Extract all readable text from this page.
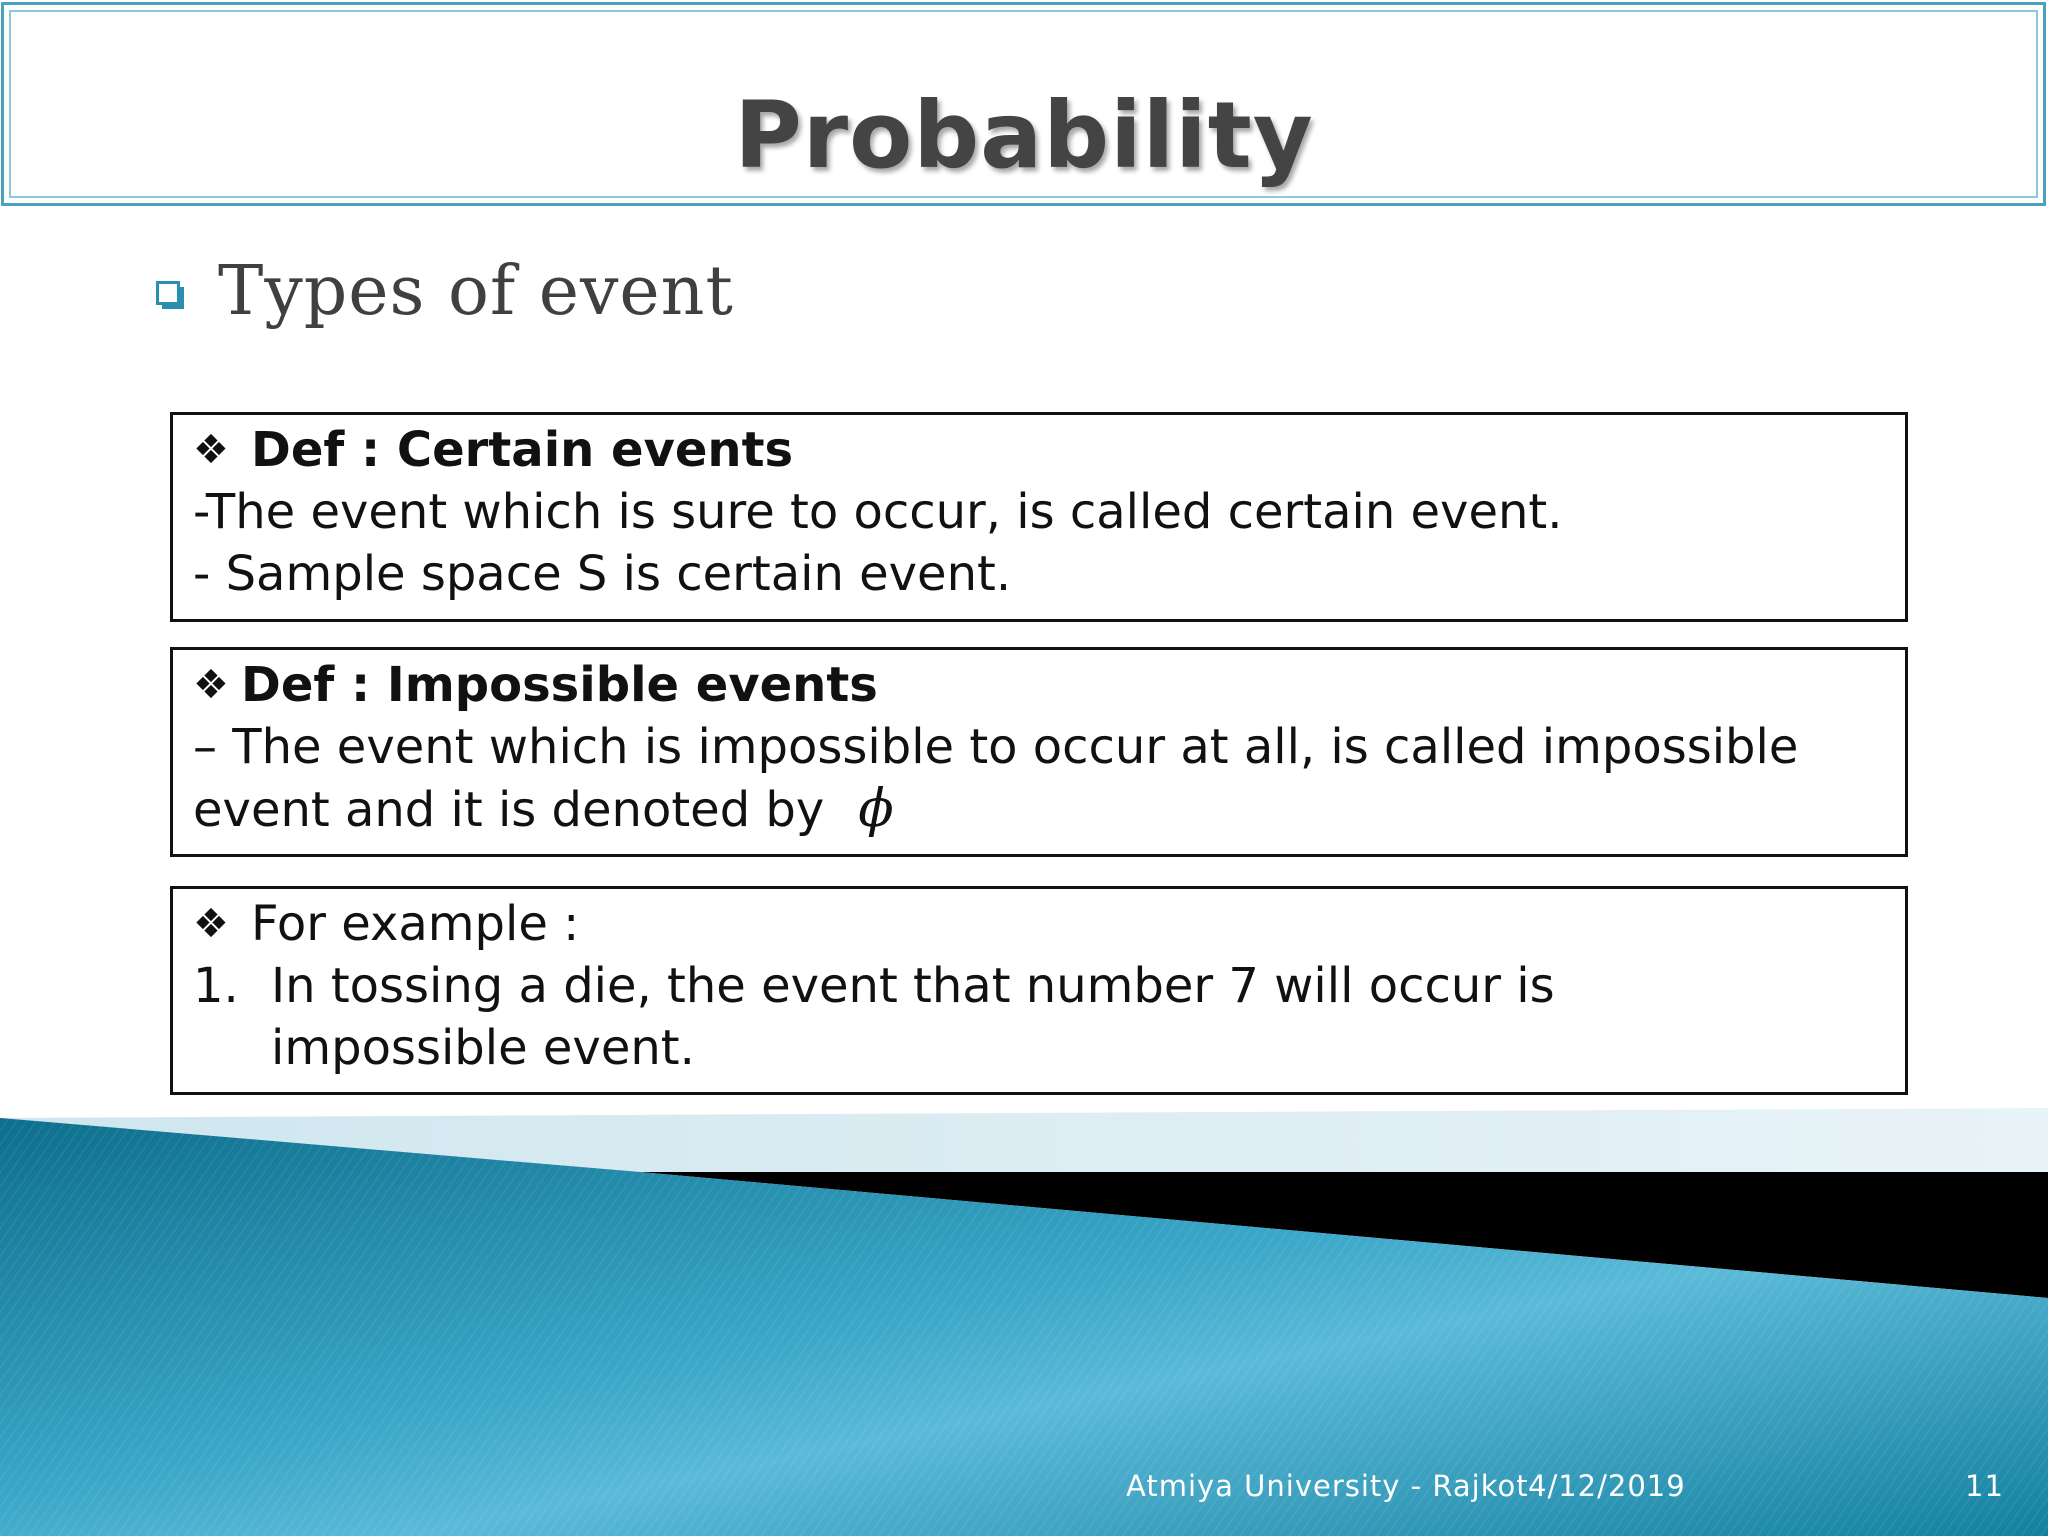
Probability
Types of event
❖ Def : Certain events
-The event which is sure to occur, is called certain event.
- Sample space S is certain event.
❖ Def : Impossible events
– The event which is impossible to occur at all, is called impossible
event and it is denoted by ϕ
❖ For example :
1. In tossing a die, the event that number 7 will occur is
impossible event.
Atmiya University - Rajkot 4/12/2019	11
